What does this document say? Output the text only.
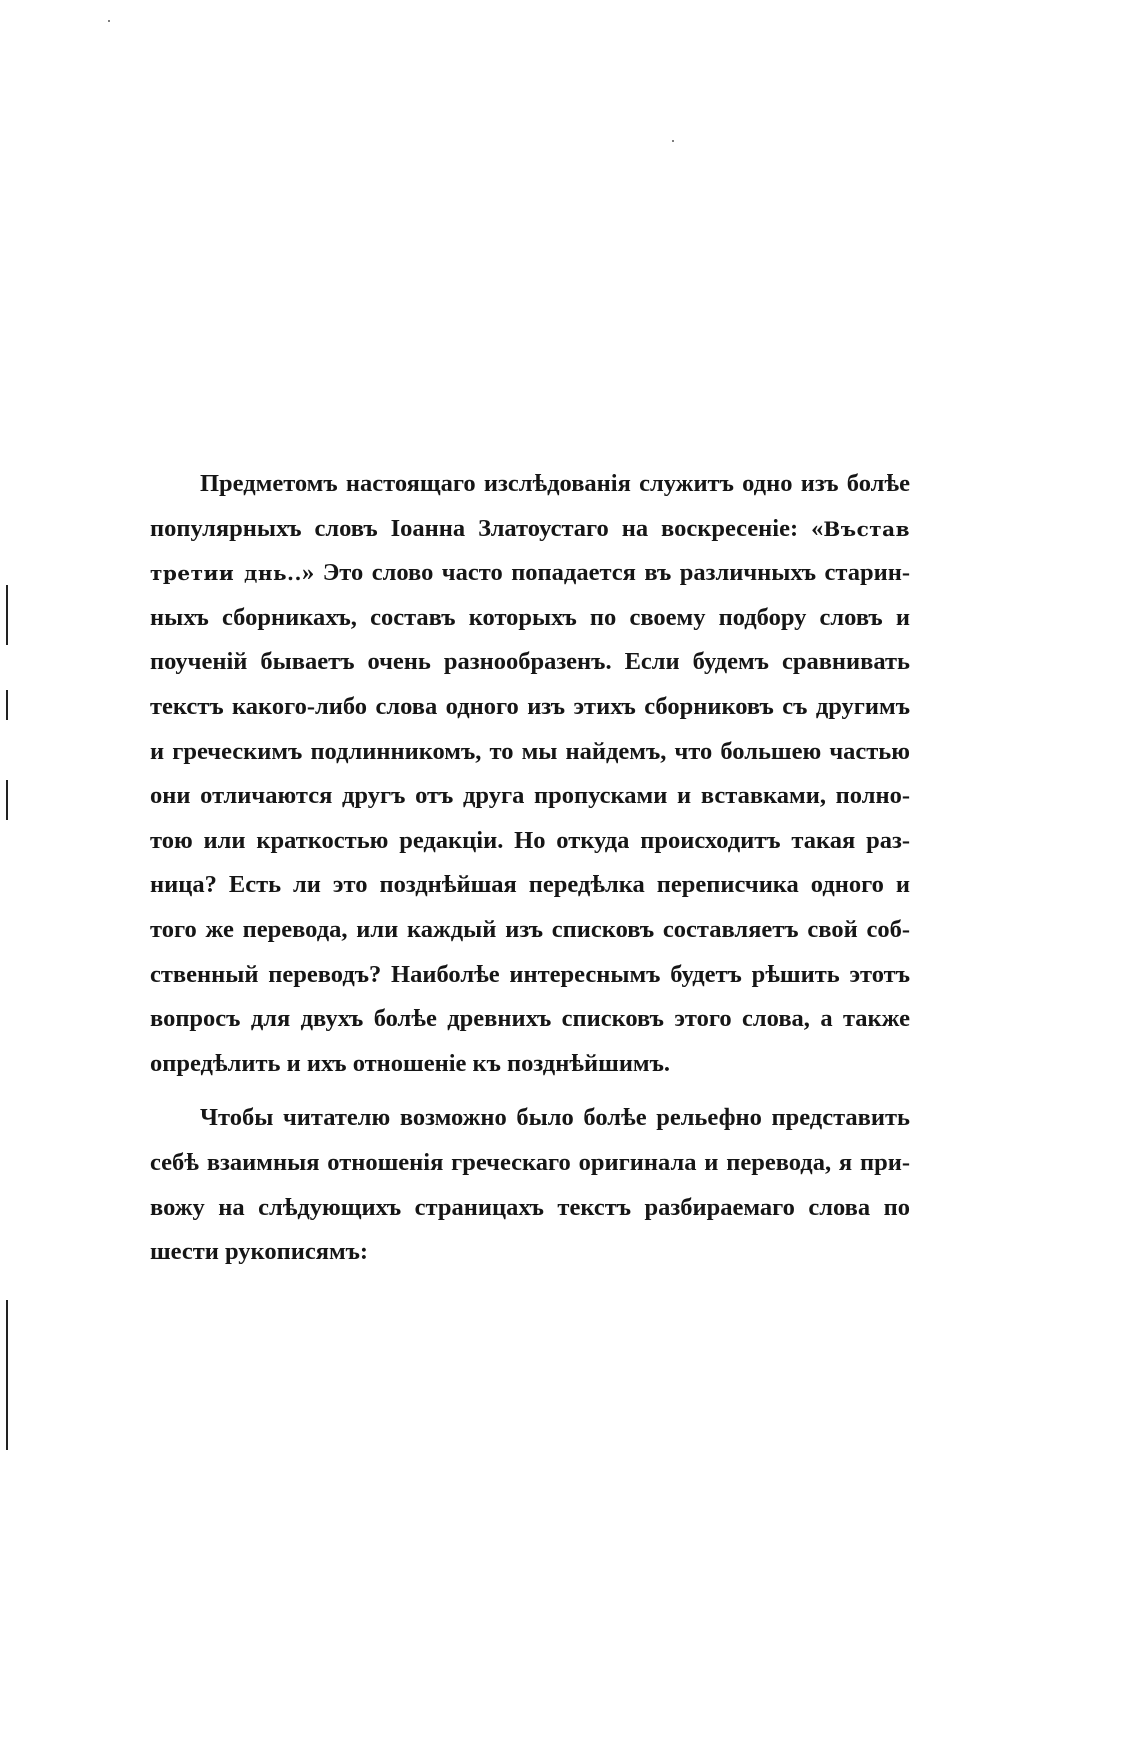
Предметомъ настоящаго изслѣдованія служитъ одно изъ болѣе
популярныхъ словъ Іоанна Златоустаго на воскресеніе: «Въстав
третии днь..» Это слово часто попадается въ различныхъ старин-
ныхъ сборникахъ, составъ которыхъ по своему подбору словъ и
поученій бываетъ очень разнообразенъ. Если будемъ сравнивать
текстъ какого-либо слова одного изъ этихъ сборниковъ съ другимъ
и греческимъ подлинникомъ, то мы найдемъ, что большею частью
они отличаются другъ отъ друга пропусками и вставками, полно-
тою или краткостью редакціи. Но откуда происходитъ такая раз-
ница? Есть ли это позднѣйшая передѣлка переписчика одного и
того же перевода, или каждый изъ списковъ составляетъ свой соб-
ственный переводъ? Наиболѣе интереснымъ будетъ рѣшить этотъ
вопросъ для двухъ болѣе древнихъ списковъ этого слова, а также
опредѣлить и ихъ отношеніе къ позднѣйшимъ.
Чтобы читателю возможно было болѣе рельефно представить
себѣ взаимныя отношенія греческаго оригинала и перевода, я при-
вожу на слѣдующихъ страницахъ текстъ разбираемаго слова по
шести рукописямъ:
